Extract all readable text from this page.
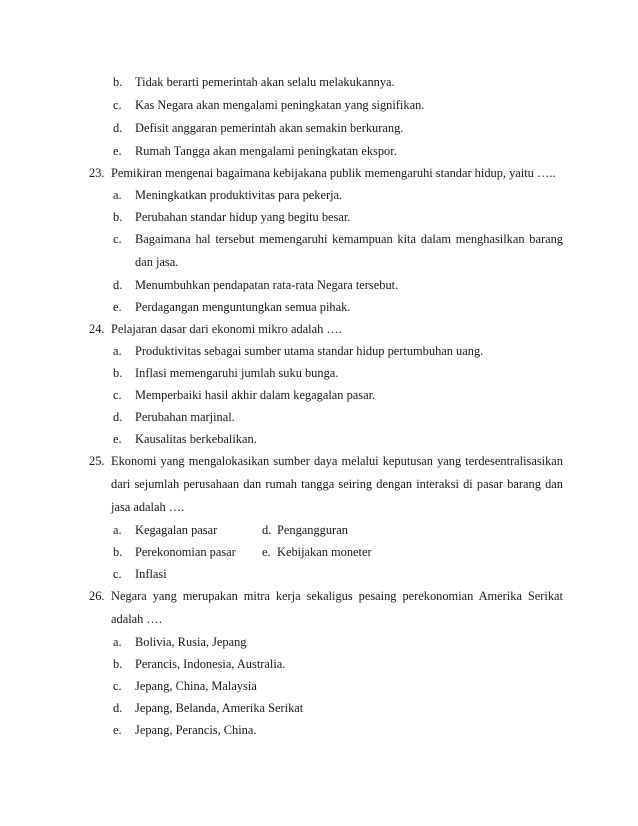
b. Tidak berarti pemerintah akan selalu melakukannya.
c. Kas Negara akan mengalami peningkatan yang signifikan.
d. Defisit anggaran pemerintah akan semakin berkurang.
e. Rumah Tangga akan mengalami peningkatan ekspor.
23. Pemikiran mengenai bagaimana kebijakana publik memengaruhi standar hidup, yaitu …..
a. Meningkatkan produktivitas para pekerja.
b. Perubahan standar hidup yang begitu besar.
c. Bagaimana hal tersebut memengaruhi kemampuan kita dalam menghasilkan barang
dan jasa.
d. Menumbuhkan pendapatan rata-rata Negara tersebut.
e. Perdagangan menguntungkan semua pihak.
24. Pelajaran dasar dari ekonomi mikro adalah ….
a. Produktivitas sebagai sumber utama standar hidup pertumbuhan uang.
b. Inflasi memengaruhi jumlah suku bunga.
c. Memperbaiki hasil akhir dalam kegagalan pasar.
d. Perubahan marjinal.
e. Kausalitas berkebalikan.
25. Ekonomi yang mengalokasikan sumber daya melalui keputusan yang terdesentralisasikan
dari sejumlah perusahaan dan rumah tangga seiring dengan interaksi di pasar barang dan
jasa adalah ….
a. Kegagalan pasar	d. Pengangguran
b. Perekonomian pasar e. Kebijakan moneter
c. Inflasi
26. Negara yang merupakan mitra kerja sekaligus pesaing perekonomian Amerika Serikat
adalah ….
a. Bolivia, Rusia, Jepang
b. Perancis, Indonesia, Australia.
c. Jepang, China, Malaysia
d. Jepang, Belanda, Amerika Serikat
e. Jepang, Perancis, China.
